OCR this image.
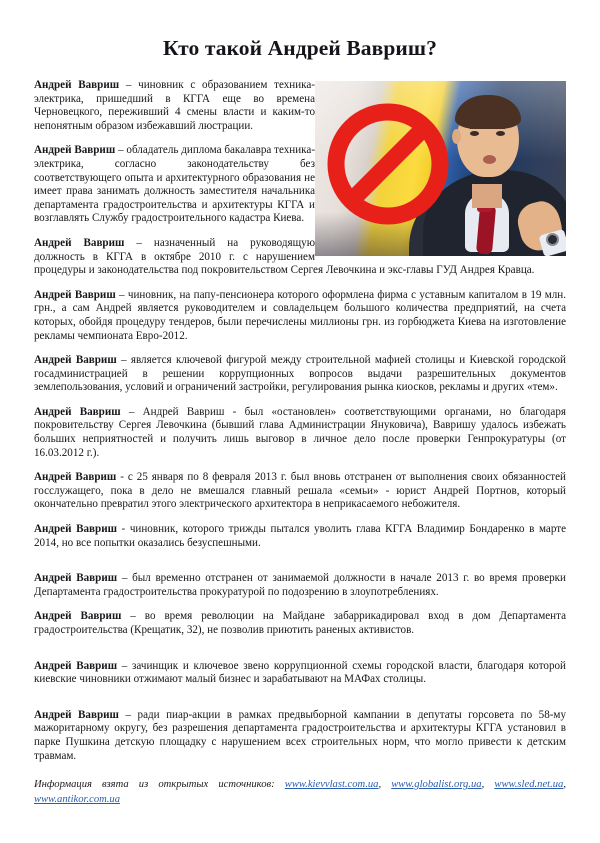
Кто такой Андрей Вавриш?

Андрей Вавриш – чиновник с образованием техника-электрика, пришедший в КГГА еще во времена Черновецкого, переживший 4 смены власти и каким-то непонятным образом избежавший люстрации.

Андрей Вавриш – обладатель диплома бакалавра техника-электрика, согласно законодательству без соответствующего опыта и архитектурного образования не имеет права занимать должность заместителя начальника департамента градостроительства и архитектуры КГГА и возглавлять Службу градостроительного кадастра Киева.

Андрей Вавриш – назначенный на руководящую должность в КГГА в октябре 2010 г. с нарушением процедуры и законодательства под покровительством Сергея Левочкина и экс-главы ГУД Андрея Кравца.

Андрей Вавриш – чиновник, на папу-пенсионера которого оформлена фирма с уставным капиталом в 19 млн. грн., а сам Андрей является руководителем и совладельцем большого количества предприятий, на счета которых, обойдя процедуру тендеров, были перечислены миллионы грн. из горбюджета Киева на изготовление рекламы чемпионата Евро-2012.

Андрей Вавриш – является ключевой фигурой между строительной мафией столицы и Киевской городской госадминистрацией в решении коррупционных вопросов выдачи разрешительных документов землепользования, условий и ограничений застройки, регулирования рынка киосков, рекламы и других «тем».

Андрей Вавриш – Андрей Вавриш - был «остановлен» соответствующими органами, но благодаря покровительству Сергея Левочкина (бывший глава Администрации Януковича), Вавришу удалось избежать больших неприятностей и получить лишь выговор в личное дело после проверки Генпрокуратуры (от 16.03.2012 г.).

Андрей Вавриш - с 25 января по 8 февраля 2013 г. был вновь отстранен от выполнения своих обязанностей госслужащего, пока в дело не вмешался главный решала «семьи» - юрист Андрей Портнов, который окончательно превратил этого электрического архитектора в неприкасаемого небожителя.

Андрей Вавриш - чиновник, которого трижды пытался уволить глава КГГА Владимир Бондаренко в марте 2014, но все попытки оказались безуспешными.

Андрей Вавриш – был временно отстранен от занимаемой должности в начале 2013 г. во время проверки Департамента градостроительства прокуратурой по подозрению в злоупотреблениях.

Андрей Вавриш – во время революции на Майдане забаррикадировал вход в дом Департамента градостроительства (Крещатик, 32), не позволив приютить раненых активистов.

Андрей Вавриш – зачинщик и ключевое звено коррупционной схемы городской власти, благодаря которой киевские чиновники отжимают малый бизнес и зарабатывают на МАФах столицы.

Андрей Вавриш – ради пиар-акции в рамках предвыборной кампании в депутаты горсовета по 58-му мажоритарному округу, без разрешения департамента градостроительства и архитектуры КГГА установил в парке Пушкина детскую площадку с нарушением всех строительных норм, что могло привести к детским травмам.

Информация взята из открытых источников: www.kievvlast.com.ua, www.globalist.org.ua, www.sled.net.ua, www.antikor.com.ua
